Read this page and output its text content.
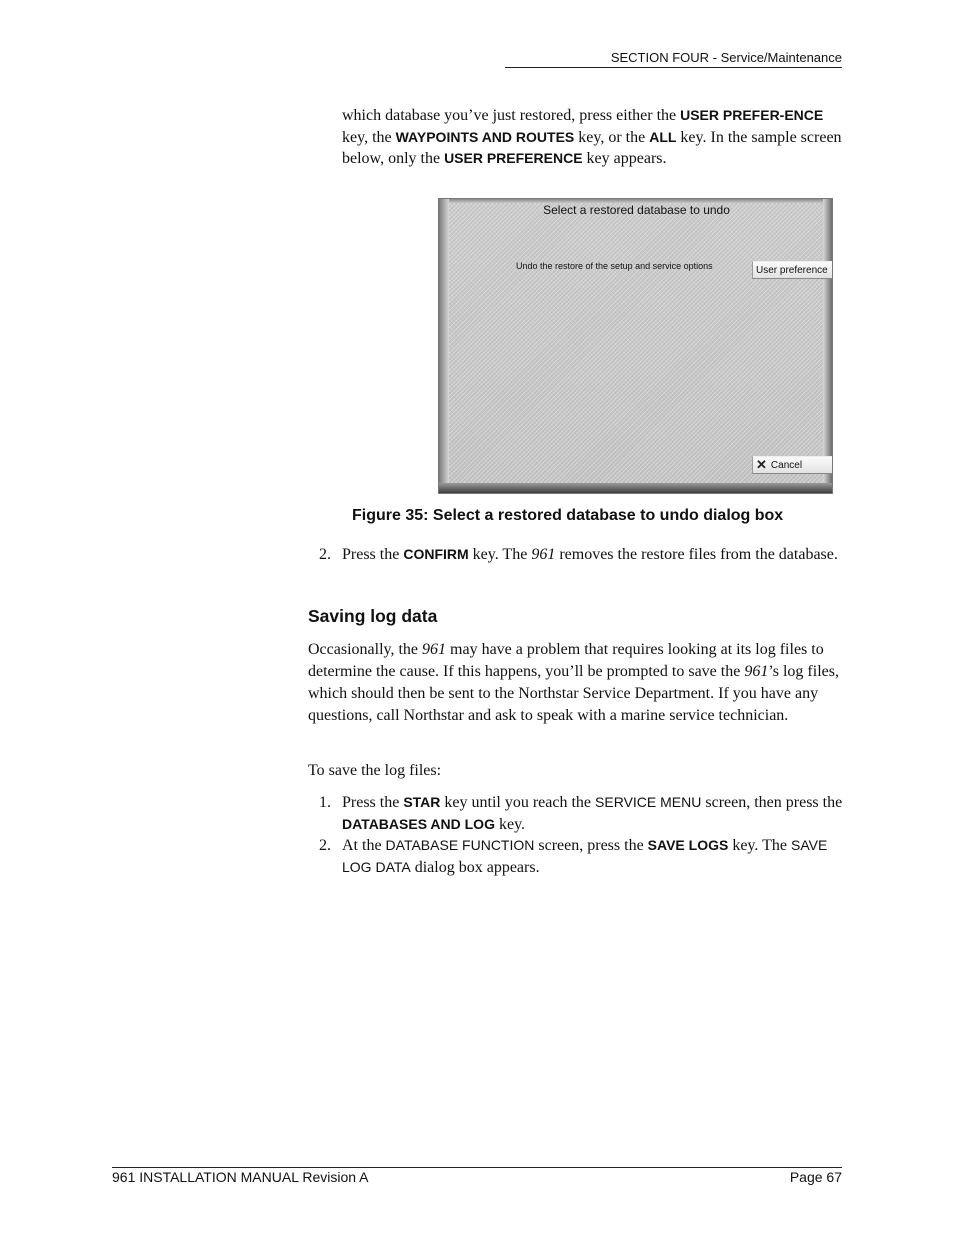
SECTION FOUR - Service/Maintenance
which database you’ve just restored, press either the USER PREFER-ENCE key, the WAYPOINTS AND ROUTES key, or the ALL key. In the sample screen below, only the USER PREFERENCE key appears.
Select a restored database to undo
Undo the restore of the setup and service options	User preference
✕ Cancel
Figure 35: Select a restored database to undo dialog box
2. Press the CONFIRM key. The 961 removes the restore files from the database.
Saving log data
Occasionally, the 961 may have a problem that requires looking at its log files to determine the cause. If this happens, you’ll be prompted to save the 961’s log files, which should then be sent to the Northstar Service Department. If you have any questions, call Northstar and ask to speak with a marine service technician.
To save the log files:
1. Press the STAR key until you reach the SERVICE MENU screen, then press the DATABASES AND LOG key.
2. At the DATABASE FUNCTION screen, press the SAVE LOGS key. The SAVE LOG DATA dialog box appears.
961 INSTALLATION MANUAL Revision A	Page 67
